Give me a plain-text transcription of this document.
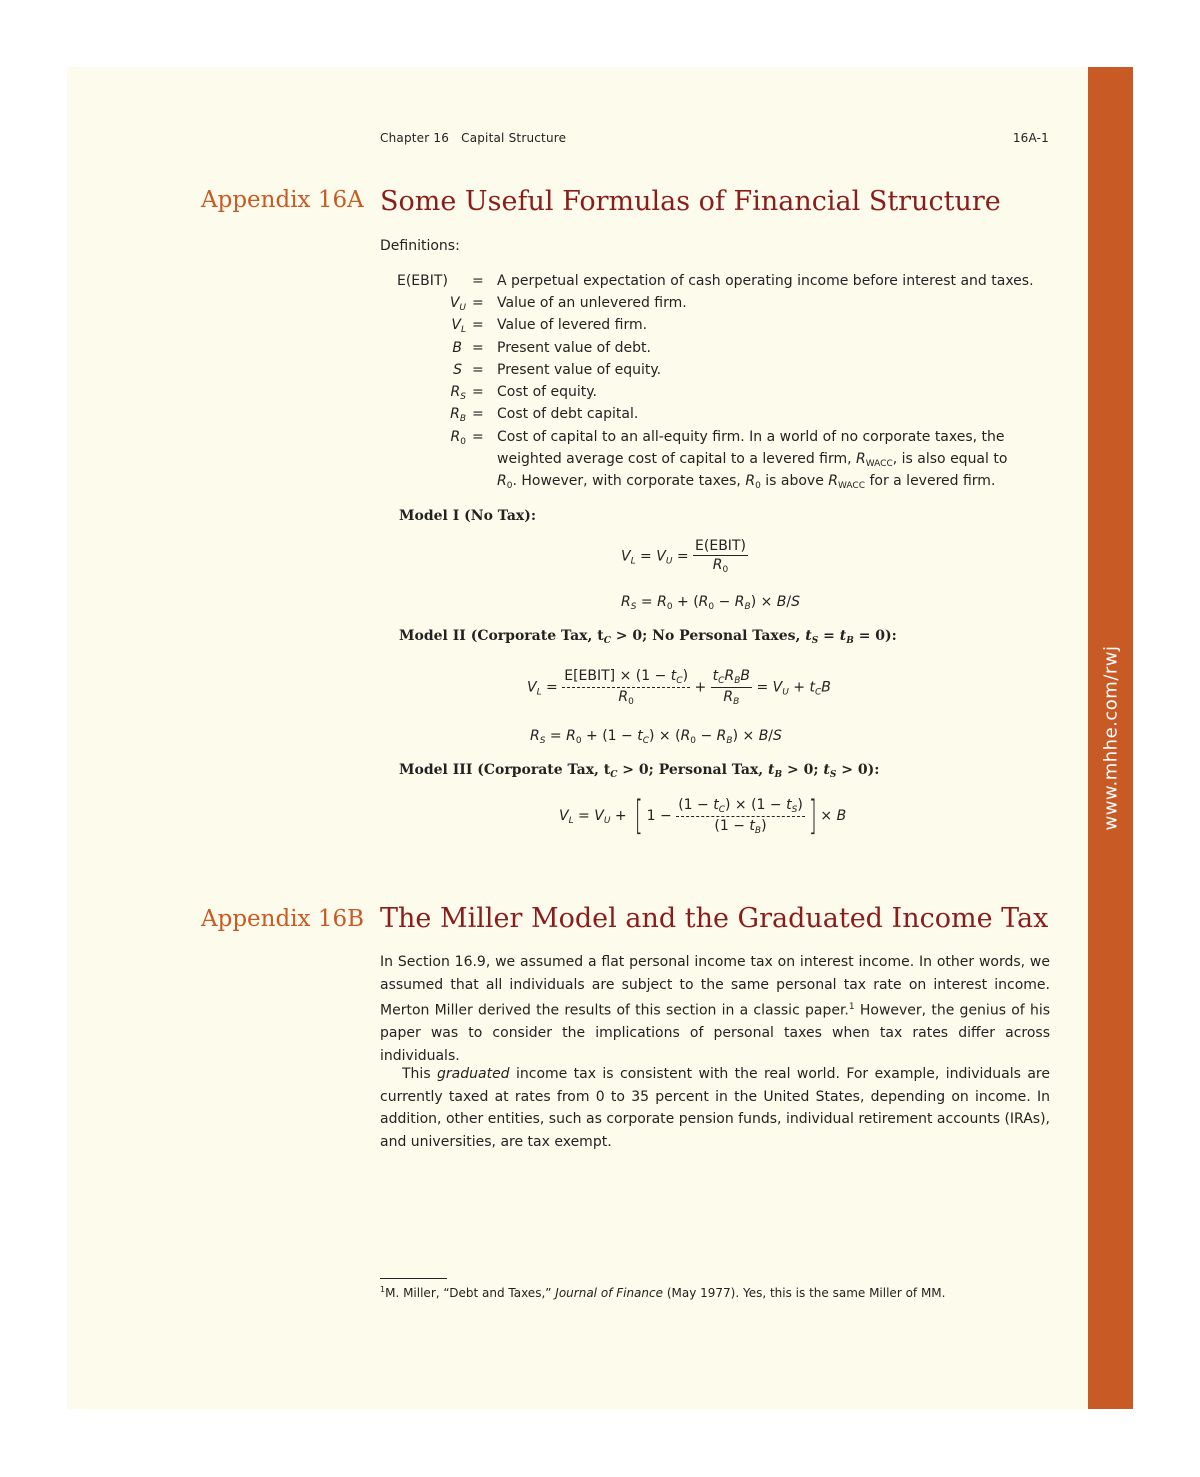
www.mhhe.com/rwj
Chapter 16 Capital Structure	16A-1
Appendix 16A Some Useful Formulas of Financial Structure
Definitions:
E(EBIT) = A perpetual expectation of cash operating income before interest and taxes.
$V_U$ = Value of an unlevered firm.
$V_L$ = Value of levered firm.
B = Present value of debt.
S = Present value of equity.
$R_S$ = Cost of equity.
$R_B$ = Cost of debt capital.
$R_0$ = Cost of capital to an all-equity firm. In a world of no corporate taxes, the
weighted average cost of capital to a levered firm, $R_{WACC}$, is also equal to
$R_0$. However, with corporate taxes, $R_0$ is above $R_{WACC}$ for a levered firm.
Model I (No Tax):
$V_L = V_U = \frac{\text{E(EBIT)}}{R_0}$
$R_S = R_0 + (R_0 - R_B) \times B/S$
Model II (Corporate Tax, $t_C > 0$; No Personal Taxes, $t_S = t_B = 0$):
$V_L = \frac{E[EBIT] \times (1 - t_C)}{R_0} + \frac{t_CR_BB}{R_B} = V_U + t_CB$
$R_S = R_0 + (1 - t_C) \times (R_0 - R_B) \times B/S$
Model III (Corporate Tax, $t_C > 0$; Personal Tax, $t_B > 0$; $t_S > 0$):
$V_L = V_U$ + [ $1 - \frac{(1 - t_C) \times (1 - t_S)}{(1 - t_B)}$ ] × B
Appendix 16B The Miller Model and the Graduated Income Tax
In Section 16.9, we assumed a flat personal income tax on interest income. In other words, we assumed that all individuals are subject to the same personal tax rate on interest income. Merton Miller derived the results of this section in a classic paper.$^1$ However, the genius of his paper was to consider the implications of personal taxes when tax rates differ across individuals.
This graduated income tax is consistent with the real world. For example, individuals are currently taxed at rates from 0 to 35 percent in the United States, depending on income. In addition, other entities, such as corporate pension funds, individual retirement accounts (IRAs), and universities, are tax exempt.
$^1$M. Miller, “Debt and Taxes,” Journal of Finance (May 1977). Yes, this is the same Miller of MM.
